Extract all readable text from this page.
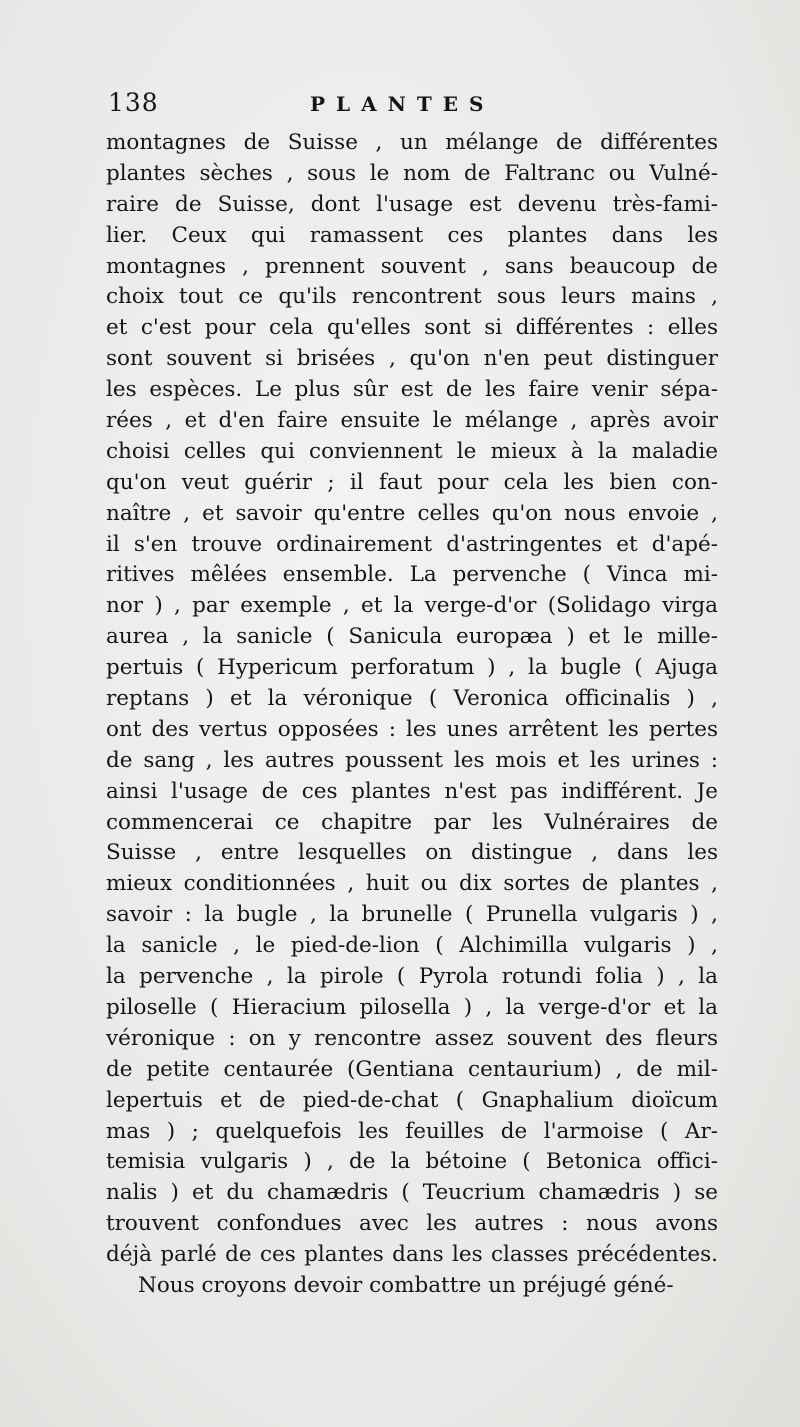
138	PLANTES
montagnes de Suisse , un mélange de différentes
plantes sèches , sous le nom de Faltranc ou Vulné-
raire de Suisse, dont l'usage est devenu très-fami-
lier. Ceux qui ramassent ces plantes dans les
montagnes , prennent souvent , sans beaucoup de
choix tout ce qu'ils rencontrent sous leurs mains ,
et c'est pour cela qu'elles sont si différentes : elles
sont souvent si brisées , qu'on n'en peut distinguer
les espèces. Le plus sûr est de les faire venir sépa-
rées , et d'en faire ensuite le mélange , après avoir
choisi celles qui conviennent le mieux à la maladie
qu'on veut guérir ; il faut pour cela les bien con-
naître , et savoir qu'entre celles qu'on nous envoie ,
il s'en trouve ordinairement d'astringentes et d'apé-
ritives mêlées ensemble. La pervenche ( Vinca mi-
nor ) , par exemple , et la verge-d'or (Solidago virga
aurea , la sanicle ( Sanicula europæa ) et le mille-
pertuis ( Hypericum perforatum ) , la bugle ( Ajuga
reptans ) et la véronique ( Veronica officinalis ) ,
ont des vertus opposées : les unes arrêtent les pertes
de sang , les autres poussent les mois et les urines :
ainsi l'usage de ces plantes n'est pas indifférent. Je
commencerai ce chapitre par les Vulnéraires de
Suisse , entre lesquelles on distingue , dans les
mieux conditionnées , huit ou dix sortes de plantes ,
savoir : la bugle , la brunelle ( Prunella vulgaris ) ,
la sanicle , le pied-de-lion ( Alchimilla vulgaris ) ,
la pervenche , la pirole ( Pyrola rotundi folia ) , la
piloselle ( Hieracium pilosella ) , la verge-d'or et la
véronique : on y rencontre assez souvent des fleurs
de petite centaurée (Gentiana centaurium) , de mil-
lepertuis et de pied-de-chat ( Gnaphalium dioïcum
mas ) ; quelquefois les feuilles de l'armoise ( Ar-
temisia vulgaris ) , de la bétoine ( Betonica offici-
nalis ) et du chamædris ( Teucrium chamædris ) se
trouvent confondues avec les autres : nous avons
déjà parlé de ces plantes dans les classes précédentes.
Nous croyons devoir combattre un préjugé géné-
